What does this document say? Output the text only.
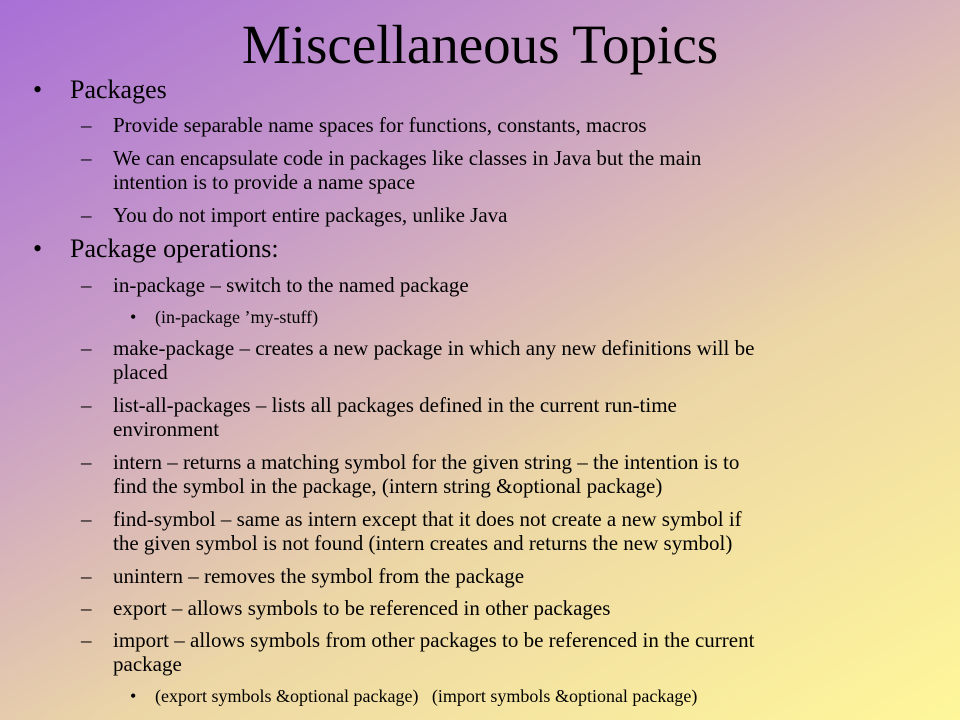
Miscellaneous Topics
• Packages
– Provide separable name spaces for functions, constants, macros
– We can encapsulate code in packages like classes in Java but the main
intention is to provide a name space
– You do not import entire packages, unlike Java
• Package operations:
– in-package – switch to the named package
• (in-package ’my-stuff)
– make-package – creates a new package in which any new definitions will be
placed
– list-all-packages – lists all packages defined in the current run-time
environment
– intern – returns a matching symbol for the given string – the intention is to
find the symbol in the package, (intern string &optional package)
– find-symbol – same as intern except that it does not create a new symbol if
the given symbol is not found (intern creates and returns the new symbol)
– unintern – removes the symbol from the package
– export – allows symbols to be referenced in other packages
– import – allows symbols from other packages to be referenced in the current
package
• (export symbols &optional package)   (import symbols &optional package)
